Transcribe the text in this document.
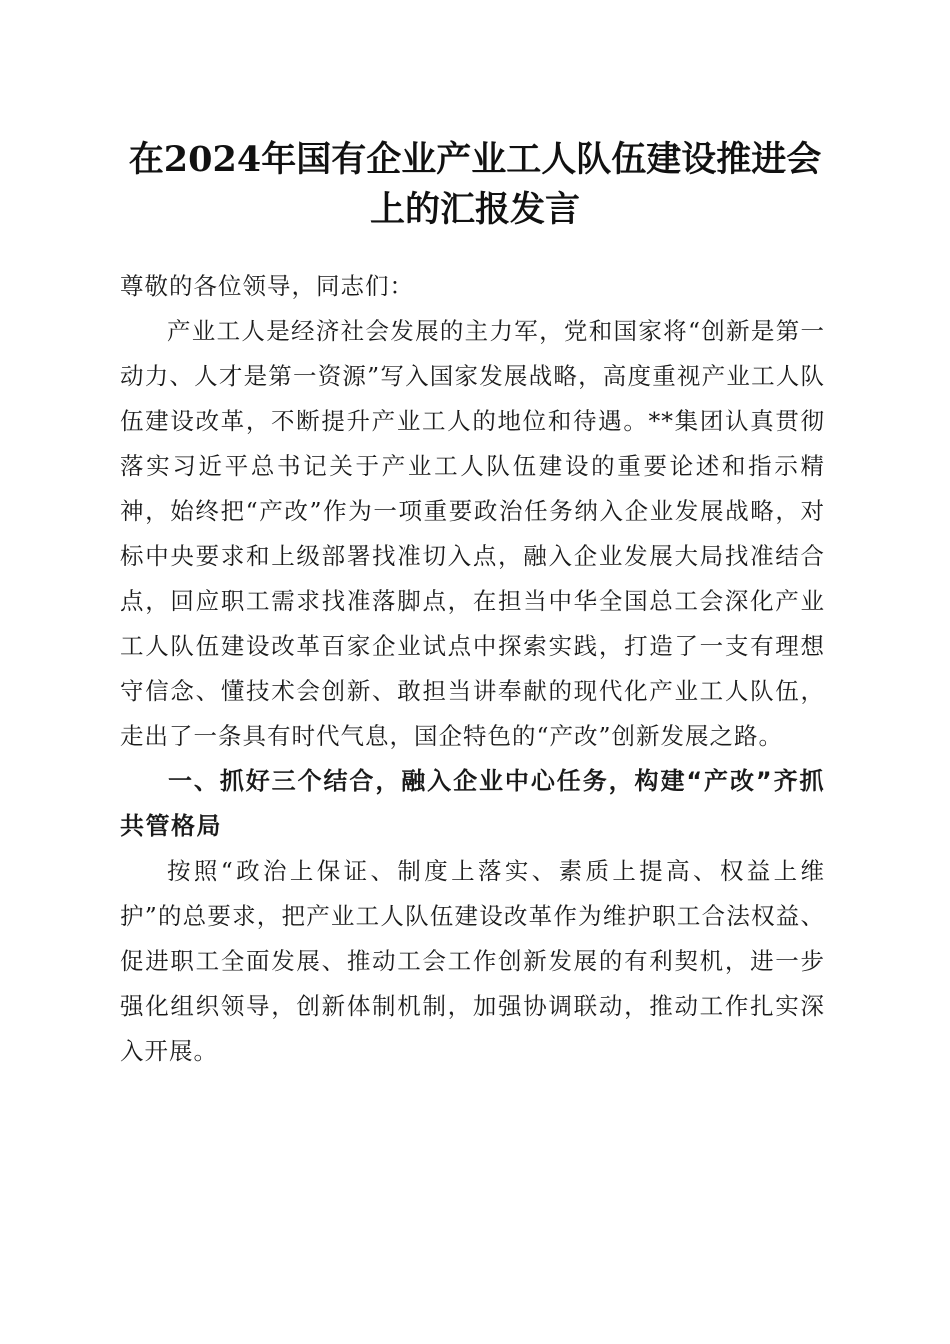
在2024年国有企业产业工人队伍建设推进会
上的汇报发言

尊敬的各位领导，同志们：

产业工人是经济社会发展的主力军，党和国家将“创新是第一动力、人才是第一资源”写入国家发展战略，高度重视产业工人队伍建设改革，不断提升产业工人的地位和待遇。**集团认真贯彻落实习近平总书记关于产业工人队伍建设的重要论述和指示精神，始终把“产改”作为一项重要政治任务纳入企业发展战略，对标中央要求和上级部署找准切入点，融入企业发展大局找准结合点，回应职工需求找准落脚点，在担当中华全国总工会深化产业工人队伍建设改革百家企业试点中探索实践，打造了一支有理想守信念、懂技术会创新、敢担当讲奉献的现代化产业工人队伍，走出了一条具有时代气息，国企特色的“产改”创新发展之路。

一、抓好三个结合，融入企业中心任务，构建“产改”齐抓共管格局

按照“政治上保证、制度上落实、素质上提高、权益上维护”的总要求，把产业工人队伍建设改革作为维护职工合法权益、促进职工全面发展、推动工会工作创新发展的有利契机，进一步强化组织领导，创新体制机制，加强协调联动，推动工作扎实深入开展。
